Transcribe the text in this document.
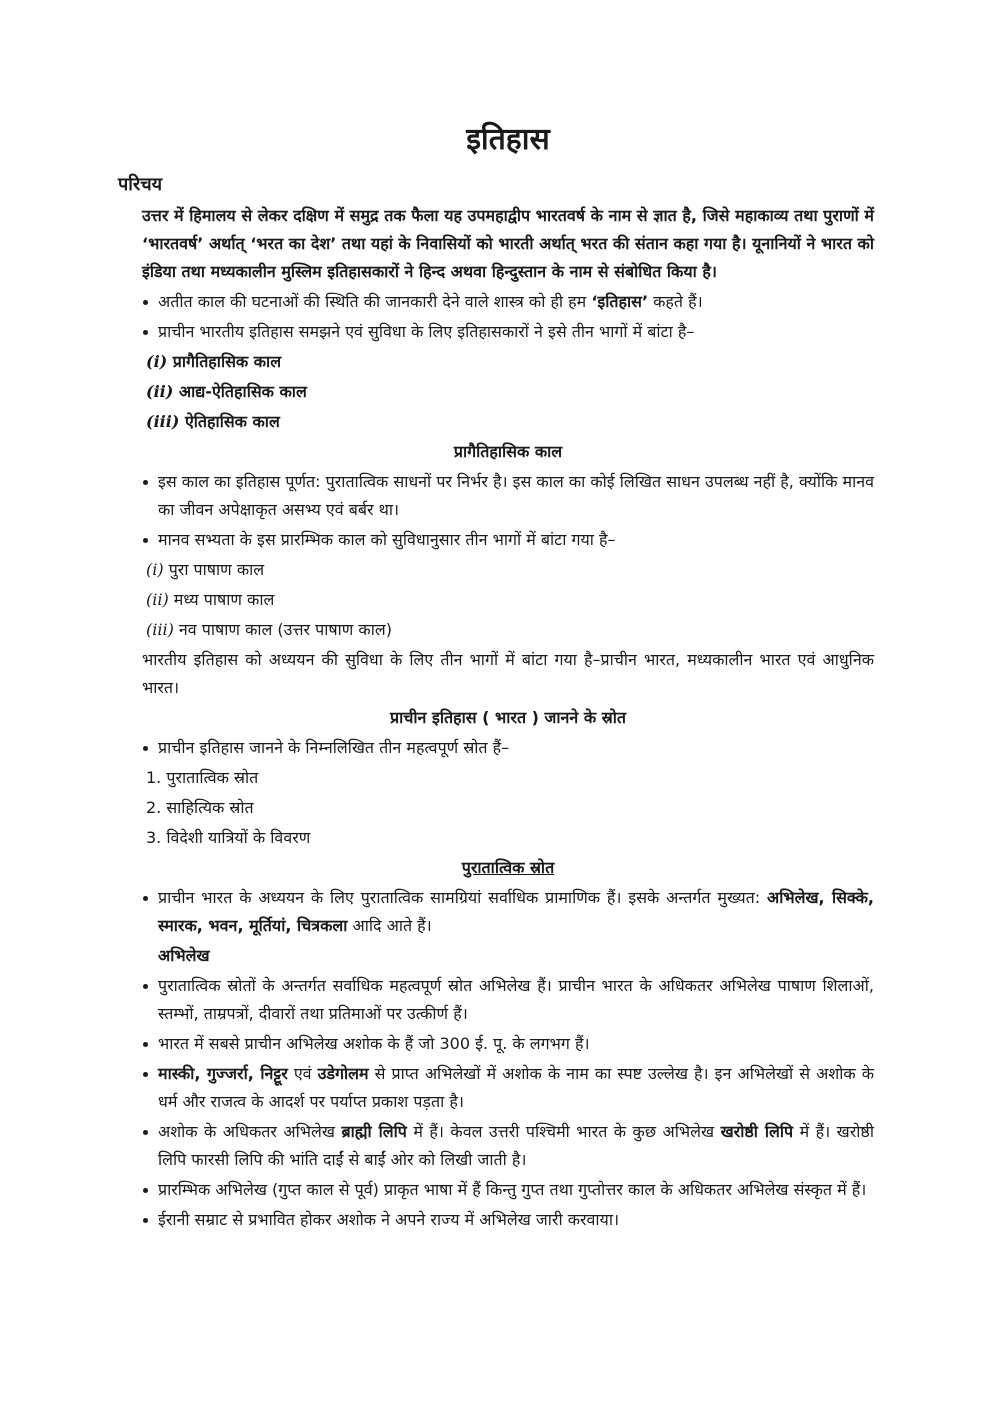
इतिहास
परिचय
उत्तर में हिमालय से लेकर दक्षिण में समुद्र तक फैला यह उपमहाद्वीप भारतवर्ष के नाम से ज्ञात है, जिसे महाकाव्य तथा पुराणों में ‘भारतवर्ष’ अर्थात् ‘भरत का देश’ तथा यहां के निवासियों को भारती अर्थात् भरत की संतान कहा गया है। यूनानियों ने भारत को इंडिया तथा मध्यकालीन मुस्लिम इतिहासकारों ने हिन्द अथवा हिन्दुस्तान के नाम से संबोधित किया है।
अतीत काल की घटनाओं की स्थिति की जानकारी देने वाले शास्त्र को ही हम ‘इतिहास’ कहते हैं।
प्राचीन भारतीय इतिहास समझने एवं सुविधा के लिए इतिहासकारों ने इसे तीन भागों में बांटा है–
(i) प्रागैतिहासिक काल
(ii) आद्य-ऐतिहासिक काल
(iii) ऐतिहासिक काल
प्रागैतिहासिक काल
इस काल का इतिहास पूर्णत: पुरातात्विक साधनों पर निर्भर है। इस काल का कोई लिखित साधन उपलब्ध नहीं है, क्योंकि मानव का जीवन अपेक्षाकृत असभ्य एवं बर्बर था।
मानव सभ्यता के इस प्रारम्भिक काल को सुविधानुसार तीन भागों में बांटा गया है–
(i) पुरा पाषाण काल
(ii) मध्य पाषाण काल
(iii) नव पाषाण काल (उत्तर पाषाण काल)
भारतीय इतिहास को अध्ययन की सुविधा के लिए तीन भागों में बांटा गया है–प्राचीन भारत, मध्यकालीन भारत एवं आधुनिक भारत।
प्राचीन इतिहास ( भारत ) जानने के स्रोत
प्राचीन इतिहास जानने के निम्नलिखित तीन महत्वपूर्ण स्रोत हैं–
1. पुरातात्विक स्रोत
2. साहित्यिक स्रोत
3. विदेशी यात्रियों के विवरण
पुरातात्विक स्रोत
प्राचीन भारत के अध्ययन के लिए पुरातात्विक सामग्रियां सर्वाधिक प्रामाणिक हैं। इसके अन्तर्गत मुख्यत: अभिलेख, सिक्के, स्मारक, भवन, मूर्तियां, चित्रकला आदि आते हैं।
अभिलेख
पुरातात्विक स्रोतों के अन्तर्गत सर्वाधिक महत्वपूर्ण स्रोत अभिलेख हैं। प्राचीन भारत के अधिकतर अभिलेख पाषाण शिलाओं, स्तम्भों, ताम्रपत्रों, दीवारों तथा प्रतिमाओं पर उत्कीर्ण हैं।
भारत में सबसे प्राचीन अभिलेख अशोक के हैं जो 300 ई. पू. के लगभग हैं।
मास्की, गुज्जर्रा, निट्टूर एवं उडेगोलम से प्राप्त अभिलेखों में अशोक के नाम का स्पष्ट उल्लेख है। इन अभिलेखों से अशोक के धर्म और राजत्व के आदर्श पर पर्याप्त प्रकाश पड़ता है।
अशोक के अधिकतर अभिलेख ब्राह्मी लिपि में हैं। केवल उत्तरी पश्चिमी भारत के कुछ अभिलेख खरोष्ठी लिपि में हैं। खरोष्ठी लिपि फारसी लिपि की भांति दाईं से बाईं ओर को लिखी जाती है।
प्रारम्भिक अभिलेख (गुप्त काल से पूर्व) प्राकृत भाषा में हैं किन्तु गुप्त तथा गुप्तोत्तर काल के अधिकतर अभिलेख संस्कृत में हैं।
ईरानी सम्राट से प्रभावित होकर अशोक ने अपने राज्य में अभिलेख जारी करवाया।
